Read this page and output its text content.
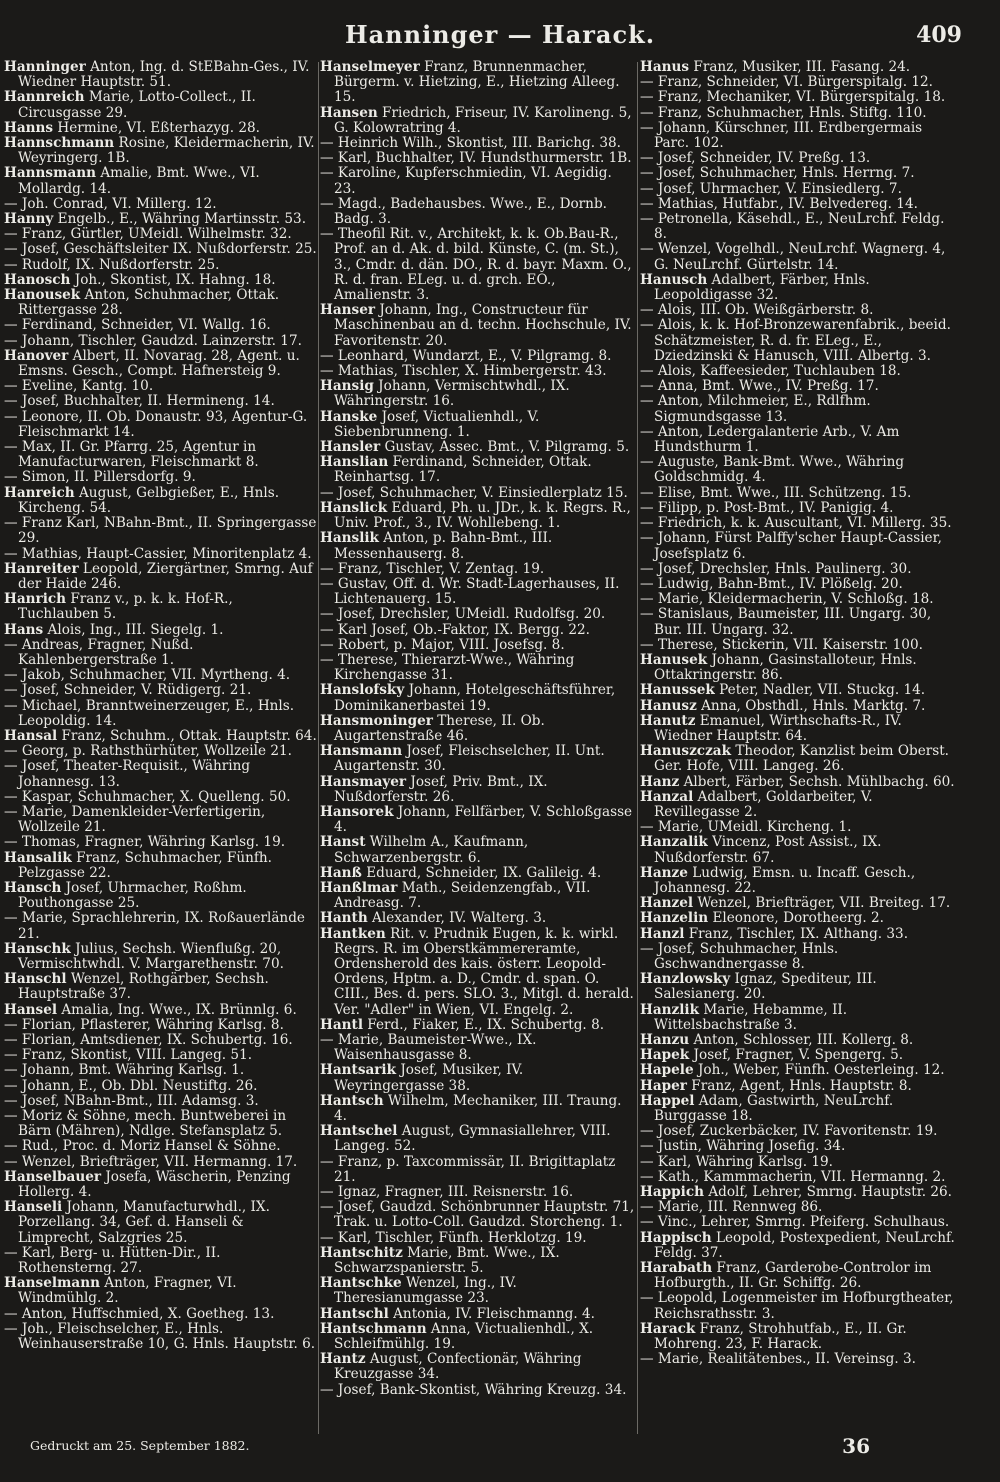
Hanninger — Harack.	409

Hanninger Anton, Ing. d. StEBahn-Ges., IV. Wiedner Hauptstr. 51.

Hannreich Marie, Lotto-Collect., II. Circusgasse 29.

Hanns Hermine, VI. Eßterhazyg. 28.

Hannschmann Rosine, Kleidermacherin, IV. Weyringerg. 1B.

Hannsmann Amalie, Bmt. Wwe., VI. Mollardg. 14.

— Joh. Conrad, VI. Millerg. 12.

Hanny Engelb., E., Währing Martinsstr. 53.

— Franz, Gürtler, UMeidl. Wilhelmstr. 32.

— Josef, Geschäftsleiter IX. Nußdorferstr. 25.

— Rudolf, IX. Nußdorferstr. 25.

Hanosch Joh., Skontist, IX. Hahng. 18.

Hanousek Anton, Schuhmacher, Ottak. Rittergasse 28.

— Ferdinand, Schneider, VI. Wallg. 16.

— Johann, Tischler, Gaudzd. Lainzerstr. 17.

Hanover Albert, II. Novarag. 28, Agent. u. Emsns. Gesch., Compt. Hafnersteig 9.

— Eveline, Kantg. 10.

— Josef, Buchhalter, II. Hermineng. 14.

— Leonore, II. Ob. Donaustr. 93, Agentur-G. Fleischmarkt 14.

— Max, II. Gr. Pfarrg. 25, Agentur in Manufacturwaren, Fleischmarkt 8.

— Simon, II. Pillersdorfg. 9.

Hanreich August, Gelbgießer, E., Hnls. Kircheng. 54.

— Franz Karl, NBahn-Bmt., II. Springergasse 29.

— Mathias, Haupt-Cassier, Minoritenplatz 4.

Hanreiter Leopold, Ziergärtner, Smrng. Auf der Haide 246.

Hanrich Franz v., p. k. k. Hof-R., Tuchlauben 5.

Hans Alois, Ing., III. Siegelg. 1.

— Andreas, Fragner, Nußd. Kahlenbergerstraße 1.

— Jakob, Schuhmacher, VII. Myrtheng. 4.

— Josef, Schneider, V. Rüdigerg. 21.

— Michael, Branntweinerzeuger, E., Hnls. Leopoldig. 14.

Hansal Franz, Schuhm., Ottak. Hauptstr. 64.

— Georg, p. Rathsthürhüter, Wollzeile 21.

— Josef, Theater-Requisit., Währing Johannesg. 13.

— Kaspar, Schuhmacher, X. Quelleng. 50.

— Marie, Damenkleider-Verfertigerin, Wollzeile 21.

— Thomas, Fragner, Währing Karlsg. 19.

Hansalik Franz, Schuhmacher, Fünfh. Pelzgasse 22.

Hansch Josef, Uhrmacher, Roßhm. Pouthongasse 25.

— Marie, Sprachlehrerin, IX. Roßauerlände 21.

Hanschk Julius, Sechsh. Wienflußg. 20, Vermischtwhdl. V. Margarethenstr. 70.

Hanschl Wenzel, Rothgärber, Sechsh. Hauptstraße 37.

Hansel Amalia, Ing. Wwe., IX. Brünnlg. 6.

— Florian, Pflasterer, Währing Karlsg. 8.

— Florian, Amtsdiener, IX. Schubertg. 16.

— Franz, Skontist, VIII. Langeg. 51.

— Johann, Bmt. Währing Karlsg. 1.

— Johann, E., Ob. Dbl. Neustiftg. 26.

— Josef, NBahn-Bmt., III. Adamsg. 3.

— Moriz & Söhne, mech. Buntweberei in Bärn (Mähren), Ndlge. Stefansplatz 5.

— Rud., Proc. d. Moriz Hansel & Söhne.

— Wenzel, Briefträger, VII. Hermanng. 17.

Hanselbauer Josefa, Wäscherin, Penzing Hollerg. 4.

Hanseli Johann, Manufacturwhdl., IX. Porzellang. 34, Gef. d. Hanseli & Limprecht, Salzgries 25.

— Karl, Berg- u. Hütten-Dir., II. Rothensterng. 27.

Hanselmann Anton, Fragner, VI. Windmühlg. 2.

— Anton, Huffschmied, X. Goetheg. 13.

— Joh., Fleischselcher, E., Hnls. Weinhauserstraße 10, G. Hnls. Hauptstr. 6.

Hanselmeyer Franz, Brunnenmacher, Bürgerm. v. Hietzing, E., Hietzing Alleeg. 15.

Hansen Friedrich, Friseur, IV. Karolineng. 5, G. Kolowratring 4.

— Heinrich Wilh., Skontist, III. Barichg. 38.

— Karl, Buchhalter, IV. Hundsthurmerstr. 1B.

— Karoline, Kupferschmiedin, VI. Aegidig. 23.

— Magd., Badehausbes. Wwe., E., Dornb. Badg. 3.

— Theofil Rit. v., Architekt, k. k. Ob.Bau-R., Prof. an d. Ak. d. bild. Künste, C. (m. St.), 3., Cmdr. d. dän. DO., R. d. bayr. Maxm. O., R. d. fran. ELeg. u. d. grch. EO., Amalienstr. 3.

Hanser Johann, Ing., Constructeur für Maschinenbau an d. techn. Hochschule, IV. Favoritenstr. 20.

— Leonhard, Wundarzt, E., V. Pilgramg. 8.

— Mathias, Tischler, X. Himbergerstr. 43.

Hansig Johann, Vermischtwhdl., IX. Währingerstr. 16.

Hanske Josef, Victualienhdl., V. Siebenbrunneng. 1.

Hansler Gustav, Assec. Bmt., V. Pilgramg. 5.

Hanslian Ferdinand, Schneider, Ottak. Reinhartsg. 17.

— Josef, Schuhmacher, V. Einsiedlerplatz 15.

Hanslick Eduard, Ph. u. JDr., k. k. Regrs. R., Univ. Prof., 3., IV. Wohllebeng. 1.

Hanslik Anton, p. Bahn-Bmt., III. Messenhauserg. 8.

— Franz, Tischler, V. Zentag. 19.

— Gustav, Off. d. Wr. Stadt-Lagerhauses, II. Lichtenauerg. 15.

— Josef, Drechsler, UMeidl. Rudolfsg. 20.

— Karl Josef, Ob.-Faktor, IX. Bergg. 22.

— Robert, p. Major, VIII. Josefsg. 8.

— Therese, Thierarzt-Wwe., Währing Kirchengasse 31.

Hanslofsky Johann, Hotelgeschäftsführer, Dominikanerbastei 19.

Hansmoninger Therese, II. Ob. Augartenstraße 46.

Hansmann Josef, Fleischselcher, II. Unt. Augartenstr. 30.

Hansmayer Josef, Priv. Bmt., IX. Nußdorferstr. 26.

Hansorek Johann, Fellfärber, V. Schloßgasse 4.

Hanst Wilhelm A., Kaufmann, Schwarzenbergstr. 6.

Hanß Eduard, Schneider, IX. Galileig. 4.

Hanßlmar Math., Seidenzengfab., VII. Andreasg. 7.

Hanth Alexander, IV. Walterg. 3.

Hantken Rit. v. Prudnik Eugen, k. k. wirkl. Regrs. R. im Oberstkämmereramte, Ordensherold des kais. österr. Leopold-Ordens, Hptm. a. D., Cmdr. d. span. O. CIII., Bes. d. pers. SLO. 3., Mitgl. d. herald. Ver. "Adler" in Wien, VI. Engelg. 2.

Hantl Ferd., Fiaker, E., IX. Schubertg. 8.

— Marie, Baumeister-Wwe., IX. Waisenhausgasse 8.

Hantsarik Josef, Musiker, IV. Weyringergasse 38.

Hantsch Wilhelm, Mechaniker, III. Traung. 4.

Hantschel August, Gymnasiallehrer, VIII. Langeg. 52.

— Franz, p. Taxcommissär, II. Brigittaplatz 21.

— Ignaz, Fragner, III. Reisnerstr. 16.

— Josef, Gaudzd. Schönbrunner Hauptstr. 71, Trak. u. Lotto-Coll. Gaudzd. Storcheng. 1.

— Karl, Tischler, Fünfh. Herklotzg. 19.

Hantschitz Marie, Bmt. Wwe., IX. Schwarzspanierstr. 5.

Hantschke Wenzel, Ing., IV. Theresianumgasse 23.

Hantschl Antonia, IV. Fleischmanng. 4.

Hantschmann Anna, Victualienhdl., X. Schleifmühlg. 19.

Hantz August, Confectionär, Währing Kreuzgasse 34.

— Josef, Bank-Skontist, Währing Kreuzg. 34.

Hanus Franz, Musiker, III. Fasang. 24.

— Franz, Schneider, VI. Bürgerspitalg. 12.

— Franz, Mechaniker, VI. Bürgerspitalg. 18.

— Franz, Schuhmacher, Hnls. Stiftg. 110.

— Johann, Kürschner, III. Erdbergermais Parc. 102.

— Josef, Schneider, IV. Preßg. 13.

— Josef, Schuhmacher, Hnls. Herrng. 7.

— Josef, Uhrmacher, V. Einsiedlerg. 7.

— Mathias, Hutfabr., IV. Belvedereg. 14.

— Petronella, Käsehdl., E., NeuLrchf. Feldg. 8.

— Wenzel, Vogelhdl., NeuLrchf. Wagnerg. 4, G. NeuLrchf. Gürtelstr. 14.

Hanusch Adalbert, Färber, Hnls. Leopoldigasse 32.

— Alois, III. Ob. Weißgärberstr. 8.

— Alois, k. k. Hof-Bronzewarenfabrik., beeid. Schätzmeister, R. d. fr. ELeg., E., Dziedzinski & Hanusch, VIII. Albertg. 3.

— Alois, Kaffeesieder, Tuchlauben 18.

— Anna, Bmt. Wwe., IV. Preßg. 17.

— Anton, Milchmeier, E., Rdlfhm. Sigmundsgasse 13.

— Anton, Ledergalanterie Arb., V. Am Hundsthurm 1.

— Auguste, Bank-Bmt. Wwe., Währing Goldschmidg. 4.

— Elise, Bmt. Wwe., III. Schützeng. 15.

— Filipp, p. Post-Bmt., IV. Panigig. 4.

— Friedrich, k. k. Auscultant, VI. Millerg. 35.

— Johann, Fürst Palffy'scher Haupt-Cassier, Josefsplatz 6.

— Josef, Drechsler, Hnls. Paulinerg. 30.

— Ludwig, Bahn-Bmt., IV. Plößelg. 20.

— Marie, Kleidermacherin, V. Schloßg. 18.

— Stanislaus, Baumeister, III. Ungarg. 30, Bur. III. Ungarg. 32.

— Therese, Stickerin, VII. Kaiserstr. 100.

Hanusek Johann, Gasinstalloteur, Hnls. Ottakringerstr. 86.

Hanussek Peter, Nadler, VII. Stuckg. 14.

Hanusz Anna, Obsthdl., Hnls. Marktg. 7.

Hanutz Emanuel, Wirthschafts-R., IV. Wiedner Hauptstr. 64.

Hanuszczak Theodor, Kanzlist beim Oberst. Ger. Hofe, VIII. Langeg. 26.

Hanz Albert, Färber, Sechsh. Mühlbachg. 60.

Hanzal Adalbert, Goldarbeiter, V. Revillegasse 2.

— Marie, UMeidl. Kircheng. 1.

Hanzalik Vincenz, Post Assist., IX. Nußdorferstr. 67.

Hanze Ludwig, Emsn. u. Incaff. Gesch., Johannesg. 22.

Hanzel Wenzel, Briefträger, VII. Breiteg. 17.

Hanzelin Eleonore, Dorotheerg. 2.

Hanzl Franz, Tischler, IX. Althang. 33.

— Josef, Schuhmacher, Hnls. Gschwandnergasse 8.

Hanzlowsky Ignaz, Spediteur, III. Salesianerg. 20.

Hanzlik Marie, Hebamme, II. Wittelsbachstraße 3.

Hanzu Anton, Schlosser, III. Kollerg. 8.

Hapek Josef, Fragner, V. Spengerg. 5.

Hapele Joh., Weber, Fünfh. Oesterleing. 12.

Haper Franz, Agent, Hnls. Hauptstr. 8.

Happel Adam, Gastwirth, NeuLrchf. Burggasse 18.

— Josef, Zuckerbäcker, IV. Favoritenstr. 19.

— Justin, Währing Josefig. 34.

— Karl, Währing Karlsg. 19.

— Kath., Kammmacherin, VII. Hermanng. 2.

Happich Adolf, Lehrer, Smrng. Hauptstr. 26.

— Marie, III. Rennweg 86.

— Vinc., Lehrer, Smrng. Pfeiferg. Schulhaus.

Happisch Leopold, Postexpedient, NeuLrchf. Feldg. 37.

Harabath Franz, Garderobe-Controlor im Hofburgth., II. Gr. Schiffg. 26.

— Leopold, Logenmeister im Hofburgtheater, Reichsrathsstr. 3.

Harack Franz, Strohhutfab., E., II. Gr. Mohreng. 23, F. Harack.

— Marie, Realitätenbes., II. Vereinsg. 3.

Gedruckt am 25. September 1882.	36
